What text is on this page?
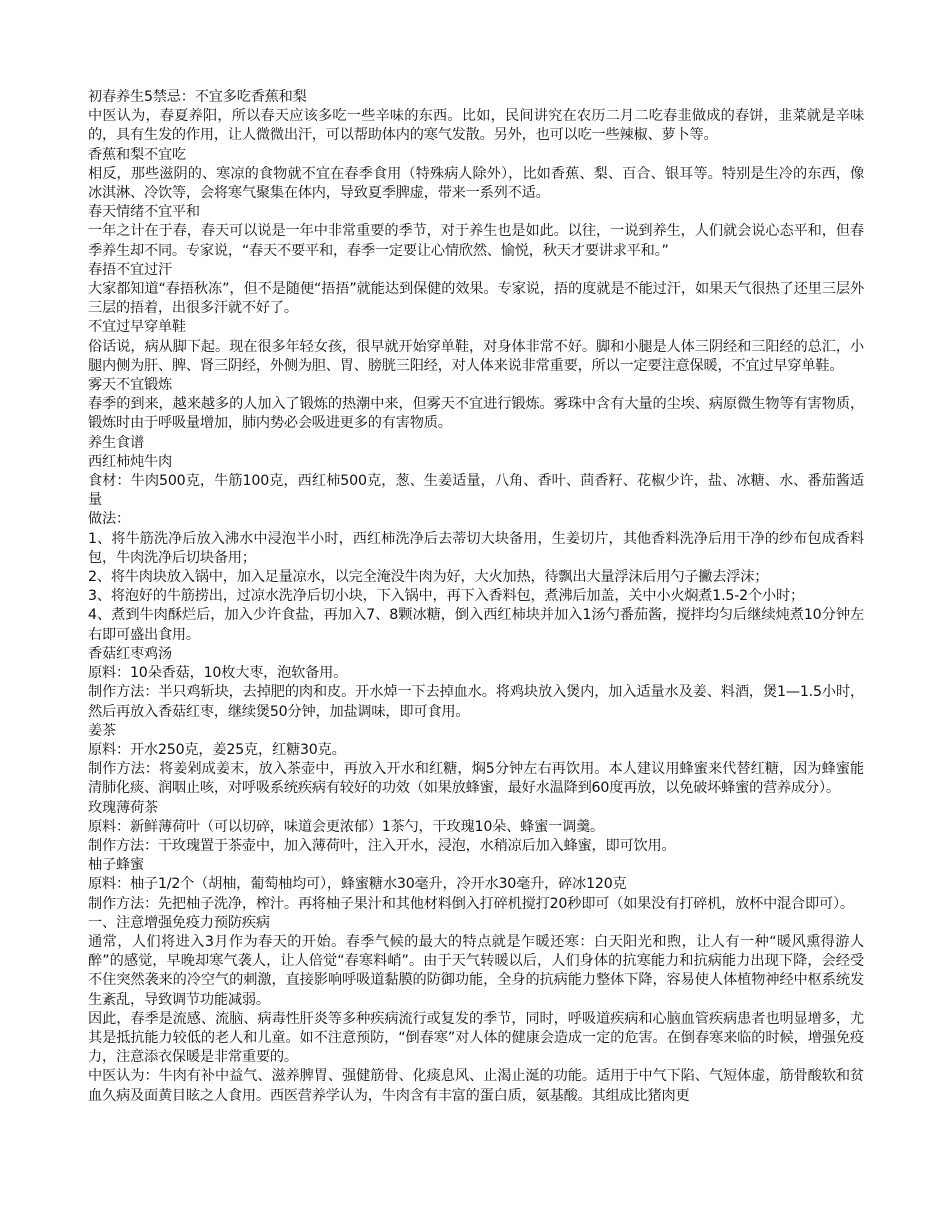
初春养生5禁忌：不宜多吃香蕉和梨

中医认为，春夏养阳，所以春天应该多吃一些辛味的东西。比如，民间讲究在农历二月二吃春韭做成的春饼，韭菜就是辛味的，具有生发的作用，让人微微出汗，可以帮助体内的寒气发散。另外，也可以吃一些辣椒、萝卜等。

香蕉和梨不宜吃

相反，那些滋阴的、寒凉的食物就不宜在春季食用（特殊病人除外），比如香蕉、梨、百合、银耳等。特别是生冷的东西，像冰淇淋、冷饮等，会将寒气聚集在体内，导致夏季脾虚，带来一系列不适。

春天情绪不宜平和

一年之计在于春，春天可以说是一年中非常重要的季节，对于养生也是如此。以往，一说到养生，人们就会说心态平和，但春季养生却不同。专家说，“春天不要平和，春季一定要让心情欣然、愉悦，秋天才要讲求平和。”

春捂不宜过汗

大家都知道“春捂秋冻”，但不是随便“捂捂”就能达到保健的效果。专家说，捂的度就是不能过汗，如果天气很热了还里三层外三层的捂着，出很多汗就不好了。

不宜过早穿单鞋

俗话说，病从脚下起。现在很多年轻女孩，很早就开始穿单鞋，对身体非常不好。脚和小腿是人体三阴经和三阳经的总汇，小腿内侧为肝、脾、肾三阴经，外侧为胆、胃、膀胱三阳经，对人体来说非常重要，所以一定要注意保暖，不宜过早穿单鞋。

雾天不宜锻炼

春季的到来，越来越多的人加入了锻炼的热潮中来，但雾天不宜进行锻炼。雾珠中含有大量的尘埃、病原微生物等有害物质，锻炼时由于呼吸量增加，肺内势必会吸进更多的有害物质。

养生食谱

西红柿炖牛肉

食材：牛肉500克，牛筋100克，西红柿500克，葱、生姜适量，八角、香叶、茴香籽、花椒少许，盐、冰糖、水、番茄酱适量

做法：

1、将牛筋洗净后放入沸水中浸泡半小时，西红柿洗净后去蒂切大块备用，生姜切片，其他香料洗净后用干净的纱布包成香料包，牛肉洗净后切块备用；

2、将牛肉块放入锅中，加入足量凉水，以完全淹没牛肉为好，大火加热，待飘出大量浮沫后用勺子撇去浮沫；

3、将泡好的牛筋捞出，过凉水洗净后切小块，下入锅中，再下入香料包，煮沸后加盖，关中小火焖煮1.5-2个小时；

4、煮到牛肉酥烂后，加入少许食盐，再加入7、8颗冰糖，倒入西红柿块并加入1汤勺番茄酱，搅拌均匀后继续炖煮10分钟左右即可盛出食用。

香菇红枣鸡汤

原料：10朵香菇，10枚大枣，泡软备用。

制作方法：半只鸡斩块，去掉肥的肉和皮。开水焯一下去掉血水。将鸡块放入煲内，加入适量水及姜、料酒，煲1—1.5小时，然后再放入香菇红枣，继续煲50分钟，加盐调味，即可食用。

姜茶

原料：开水250克，姜25克，红糖30克。

制作方法：将姜剁成姜末，放入茶壶中，再放入开水和红糖，焖5分钟左右再饮用。本人建议用蜂蜜来代替红糖，因为蜂蜜能清肺化痰、润咽止咳，对呼吸系统疾病有较好的功效（如果放蜂蜜，最好水温降到60度再放，以免破坏蜂蜜的营养成分）。

玫瑰薄荷茶

原料：新鲜薄荷叶（可以切碎，味道会更浓郁）1茶勺，干玫瑰10朵、蜂蜜一调羹。

制作方法：干玫瑰置于茶壶中，加入薄荷叶，注入开水，浸泡，水稍凉后加入蜂蜜，即可饮用。

柚子蜂蜜

原料：柚子1/2个（胡柚，葡萄柚均可），蜂蜜糖水30毫升，冷开水30毫升，碎冰120克

制作方法：先把柚子洗净，榨汁。再将柚子果汁和其他材料倒入打碎机搅打20秒即可（如果没有打碎机，放杯中混合即可）。

一、注意增强免疫力预防疾病

通常，人们将进入3月作为春天的开始。春季气候的最大的特点就是乍暖还寒：白天阳光和煦，让人有一种“暖风熏得游人醉”的感觉，早晚却寒气袭人，让人倍觉“春寒料峭”。由于天气转暖以后，人们身体的抗寒能力和抗病能力出现下降，会经受不住突然袭来的冷空气的刺激，直接影响呼吸道黏膜的防御功能，全身的抗病能力整体下降，容易使人体植物神经中枢系统发生紊乱，导致调节功能减弱。

因此，春季是流感、流脑、病毒性肝炎等多种疾病流行或复发的季节，同时，呼吸道疾病和心脑血管疾病患者也明显增多，尤其是抵抗能力较低的老人和儿童。如不注意预防，“倒春寒”对人体的健康会造成一定的危害。在倒春寒来临的时候，增强免疫力，注意添衣保暖是非常重要的。

中医认为：牛肉有补中益气、滋养脾胃、强健筋骨、化痰息风、止渴止涎的功能。适用于中气下陷、气短体虚，筋骨酸软和贫血久病及面黄目眩之人食用。西医营养学认为，牛肉含有丰富的蛋白质，氨基酸。其组成比猪肉更
